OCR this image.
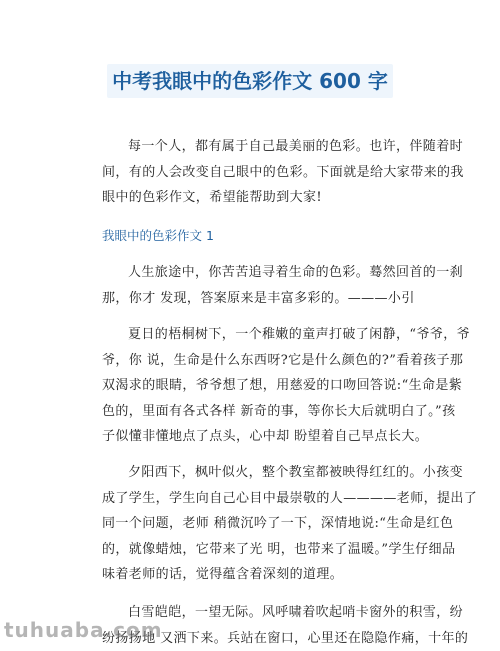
中考我眼中的色彩作文 600 字
每一个人，都有属于自己最美丽的色彩。也许，伴随着时
间，有的人会改变自己眼中的色彩。下面就是给大家带来的我
眼中的色彩作文，希望能帮助到大家!
我眼中的色彩作文 1
人生旅途中，你苦苦追寻着生命的色彩。蓦然回首的一刹
那，你才 发现，答案原来是丰富多彩的。———小引
夏日的梧桐树下，一个稚嫩的童声打破了闲静，“爷爷，爷
爷，你 说，生命是什么东西呀?它是什么颜色的?”看着孩子那
双渴求的眼睛，爷爷想了想，用慈爱的口吻回答说:“生命是紫
色的，里面有各式各样 新奇的事，等你长大后就明白了。”孩
子似懂非懂地点了点头，心中却 盼望着自己早点长大。
夕阳西下，枫叶似火，整个教室都被映得红红的。小孩变
成了学生，学生向自己心目中最崇敬的人————老师，提出了
同一个问题，老师 稍微沉吟了一下，深情地说:“生命是红色
的，就像蜡烛，它带来了光 明，也带来了温暖。”学生仔细品
味着老师的话，觉得蕴含着深刻的道理。
白雪皑皑，一望无际。风呼啸着吹起哨卡窗外的积雪，纷
纷扬扬地 又洒下来。兵站在窗口，心里还在隐隐作痛，十年的
tuhuaba.com
